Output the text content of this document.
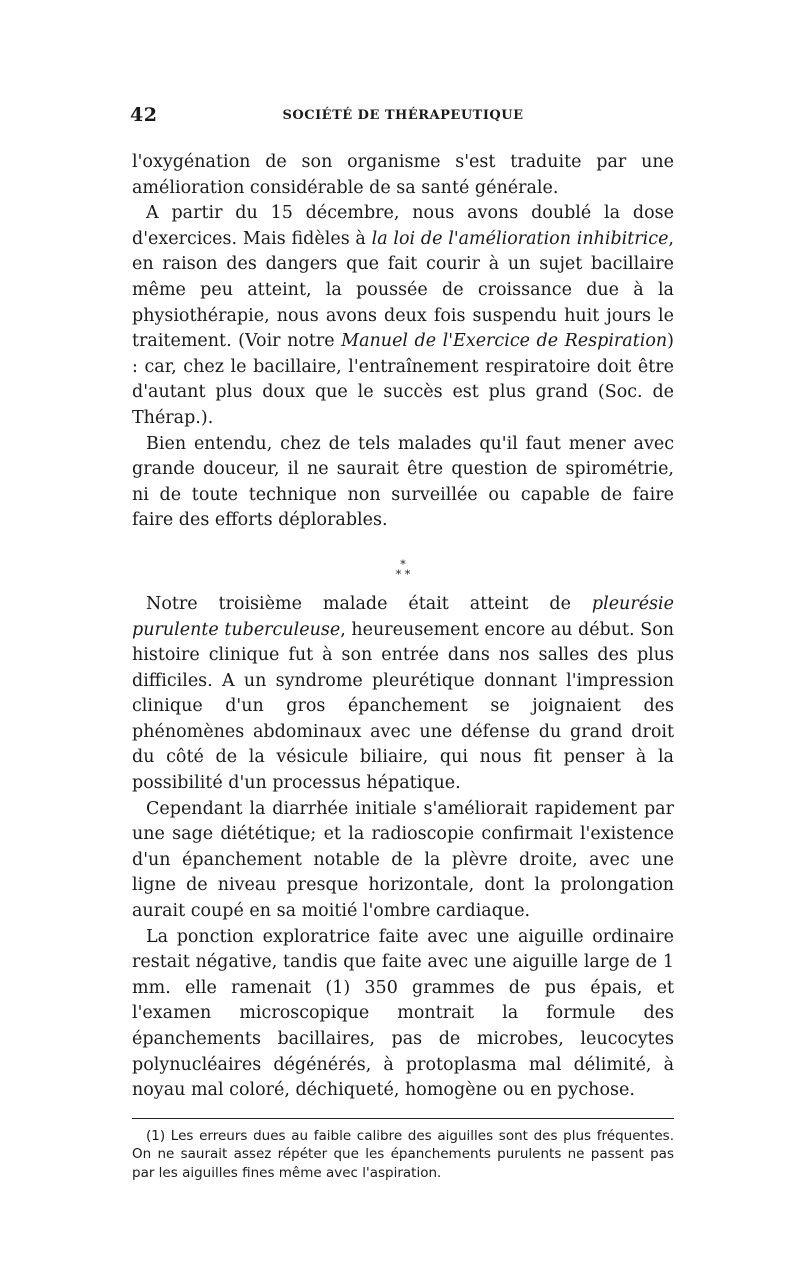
42	SOCIÉTÉ DE THÉRAPEUTIQUE

l'oxygénation de son organisme s'est traduite par une amélioration considérable de sa santé générale.

A partir du 15 décembre, nous avons doublé la dose d'exercices. Mais fidèles à la loi de l'amélioration inhibitrice, en raison des dangers que fait courir à un sujet bacillaire même peu atteint, la poussée de croissance due à la physiothérapie, nous avons deux fois suspendu huit jours le traitement. (Voir notre Manuel de l'Exercice de Respiration) : car, chez le bacillaire, l'entraînement respiratoire doit être d'autant plus doux que le succès est plus grand (Soc. de Thérap.).

Bien entendu, chez de tels malades qu'il faut mener avec grande douceur, il ne saurait être question de spirométrie, ni de toute technique non surveillée ou capable de faire faire des efforts déplorables.

*
* *

Notre troisième malade était atteint de pleurésie purulente tuberculeuse, heureusement encore au début. Son histoire clinique fut à son entrée dans nos salles des plus difficiles. A un syndrome pleurétique donnant l'impression clinique d'un gros épanchement se joignaient des phénomènes abdominaux avec une défense du grand droit du côté de la vésicule biliaire, qui nous fit penser à la possibilité d'un processus hépatique.

Cependant la diarrhée initiale s'améliorait rapidement par une sage diététique; et la radioscopie confirmait l'existence d'un épanchement notable de la plèvre droite, avec une ligne de niveau presque horizontale, dont la prolongation aurait coupé en sa moitié l'ombre cardiaque.

La ponction exploratrice faite avec une aiguille ordinaire restait négative, tandis que faite avec une aiguille large de 1 mm. elle ramenait (1) 350 grammes de pus épais, et l'examen microscopique montrait la formule des épanchements bacillaires, pas de microbes, leucocytes polynucléaires dégénérés, à protoplasma mal délimité, à noyau mal coloré, déchiqueté, homogène ou en pychose.

(1) Les erreurs dues au faible calibre des aiguilles sont des plus fréquentes. On ne saurait assez répéter que les épanchements purulents ne passent pas par les aiguilles fines même avec l'aspiration.
